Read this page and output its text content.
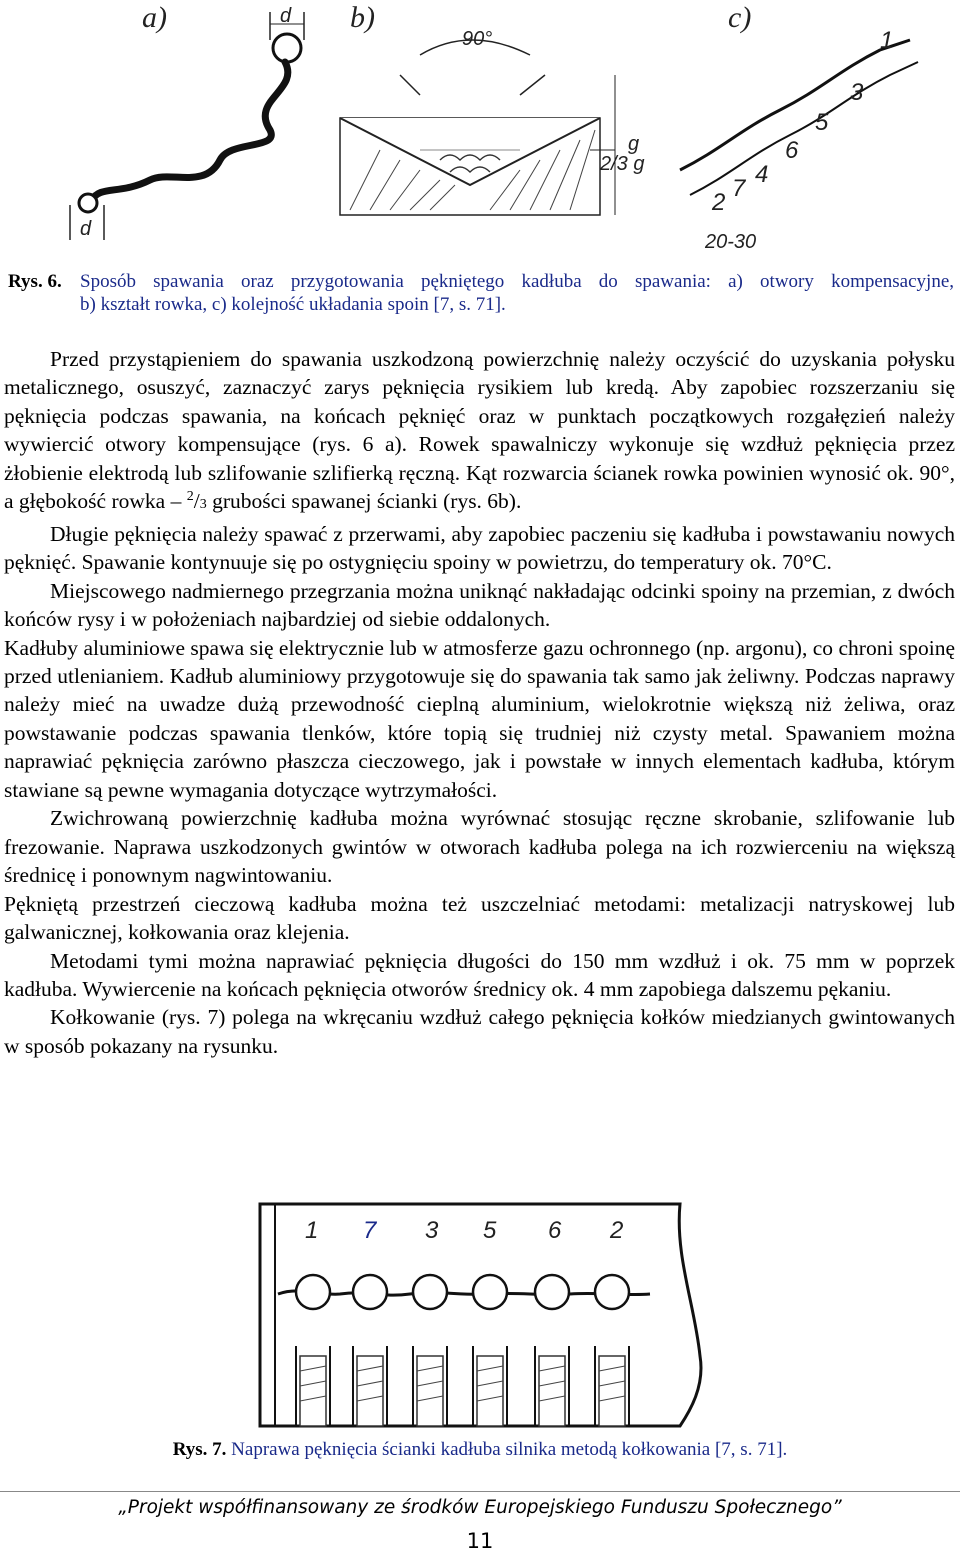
a)	d
d
b)
90°
2/3 g
g
c)
1
2
3
4
5
6
7
20-30
Rys. 6. Sposób spawania oraz przygotowania pękniętego kadłuba do spawania: a) otwory kompensacyjne,
b) kształt rowka, c) kolejność układania spoin [7, s. 71].

Przed przystąpieniem do spawania uszkodzoną powierzchnię należy oczyścić do uzyskania połysku metalicznego, osuszyć, zaznaczyć zarys pęknięcia rysikiem lub kredą. Aby zapobiec rozszerzaniu się pęknięcia podczas spawania, na końcach pęknięć oraz w punktach początkowych rozgałęzień należy wywiercić otwory kompensujące (rys. 6 a). Rowek spawalniczy wykonuje się wzdłuż pęknięcia przez żłobienie elektrodą lub szlifowanie szlifierką ręczną. Kąt rozwarcia ścianek rowka powinien wynosić ok. 90°, a głębokość rowka – $^2$/3 grubości spawanej ścianki (rys. 6b).

Długie pęknięcia należy spawać z przerwami, aby zapobiec paczeniu się kadłuba i powstawaniu nowych pęknięć. Spawanie kontynuuje się po ostygnięciu spoiny w powietrzu, do temperatury ok. 70°C.

Miejscowego nadmiernego przegrzania można uniknąć nakładając odcinki spoiny na przemian, z dwóch końców rysy i w położeniach najbardziej od siebie oddalonych.

Kadłuby aluminiowe spawa się elektrycznie lub w atmosferze gazu ochronnego (np. argonu), co chroni spoinę przed utlenianiem. Kadłub aluminiowy przygotowuje się do spawania tak samo jak żeliwny. Podczas naprawy należy mieć na uwadze dużą przewodność cieplną aluminium, wielokrotnie większą niż żeliwa, oraz powstawanie podczas spawania tlenków, które topią się trudniej niż czysty metal. Spawaniem można naprawiać pęknięcia zarówno płaszcza cieczowego, jak i powstałe w innych elementach kadłuba, którym stawiane są pewne wymagania dotyczące wytrzymałości.

Zwichrowaną powierzchnię kadłuba można wyrównać stosując ręczne skrobanie, szlifowanie lub frezowanie. Naprawa uszkodzonych gwintów w otworach kadłuba polega na ich rozwierceniu na większą średnicę i ponownym nagwintowaniu.

Pękniętą przestrzeń cieczową kadłuba można też uszczelniać metodami: metalizacji natryskowej lub galwanicznej, kołkowania oraz klejenia.

Metodami tymi można naprawiać pęknięcia długości do 150 mm wzdłuż i ok. 75 mm w poprzek kadłuba. Wywiercenie na końcach pęknięcia otworów średnicy ok. 4 mm zapobiega dalszemu pękaniu.

Kołkowanie (rys. 7) polega na wkręcaniu wzdłuż całego pęknięcia kołków miedzianych gwintowanych w sposób pokazany na rysunku.

1 7 3 5 6 2
Rys. 7. Naprawa pęknięcia ścianki kadłuba silnika metodą kołkowania [7, s. 71].
„Projekt współfinansowany ze środków Europejskiego Funduszu Społecznego”
11
